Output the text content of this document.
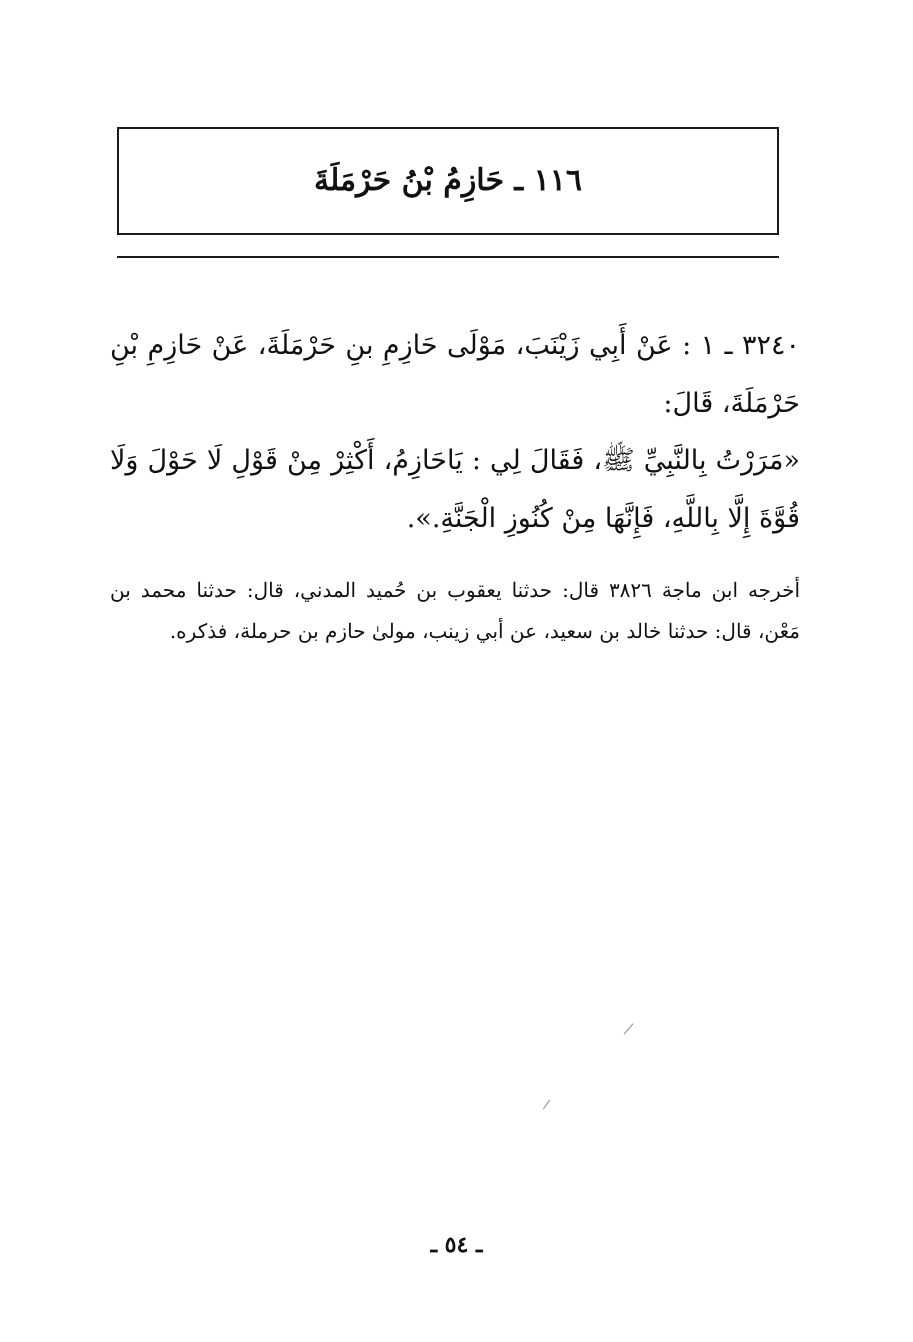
١١٦ ـ حَازِمُ بْنُ حَرْمَلَةَ

٣٢٤٠ ـ ١ : عَنْ أَبِي زَيْنَبَ، مَوْلَى حَازِمِ بنِ حَرْمَلَةَ، عَنْ حَازِمِ بْنِ حَرْمَلَةَ، قَالَ:

«مَرَرْتُ بِالنَّبِيِّ ﷺ، فَقَالَ لِي : يَاحَازِمُ، أَكْثِرْ مِنْ قَوْلِ لَا حَوْلَ وَلَا قُوَّةَ إِلَّا بِاللَّهِ، فَإِنَّهَا مِنْ كُنُوزِ الْجَنَّةِ.».

أخرجه ابن ماجة ٣٨٢٦ قال: حدثنا يعقوب بن حُميد المدني، قال: حدثنا محمد بن مَعْن، قال: حدثنا خالد بن سعيد، عن أبي زينب، مولىٰ حازم بن حرملة، فذكره.

ـ ٥٤ ـ
